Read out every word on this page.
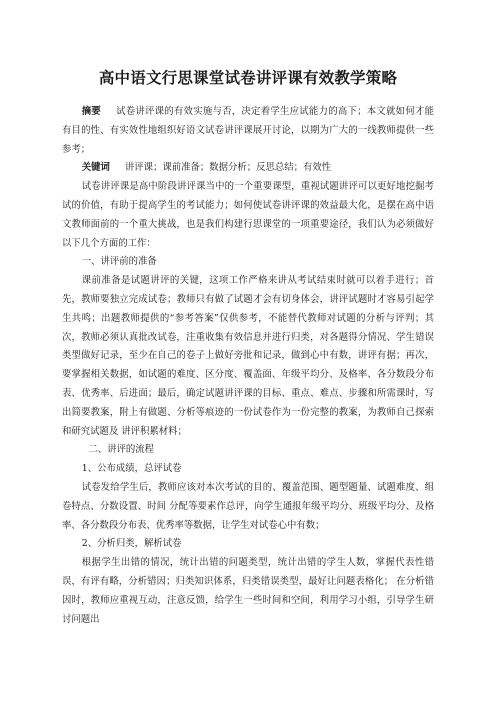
高中语文行思课堂试卷讲评课有效教学策略

摘要 试卷讲评课的有效实施与否，决定着学生应试能力的高下；本文就如何才能有目的性、有实效性地组织好语文试卷讲评课展开讨论，以期为广大的一线教师提供一些参考；

关键词 讲评课；课前准备；数据分析；反思总结；有效性

试卷讲评课是高中阶段讲评课当中的一个重要课型，重视试题讲评可以更好地挖掘考试的价值，有助于提高学生的考试能力；如何使试卷讲评课的效益最大化，是摆在高中语文教师面前的一个重大挑战，也是我们构建行思课堂的一项重要途径，我们认为必须做好以下几个方面的工作：

一、讲评前的准备

课前准备是试题讲评的关键，这项工作严格来讲从考试结束时就可以着手进行；首先，教师要独立完成试卷；教师只有做了试题才会有切身体会，讲评试题时才容易引起学生共鸣；出题教师提供的“参考答案”仅供参考，不能替代教师对试题的分析与评判；其次，教师必须认真批改试卷，注重收集有效信息并进行归类，对各题得分情况、学生错误类型做好记录，至少在自己的卷子上做好旁批和记录，做到心中有数，讲评有据；再次，要掌握相关数据，如试题的难度、区分度、覆盖面、年级平均分、及格率、各分数段分布表、优秀率、后进面；最后，确定试题讲评课的目标、重点、难点、步骤和所需课时，写出简要教案，附上有做题、分析等痕迹的一份试卷作为一份完整的教案，为教师自己探索和研究试题及 讲评积累材料；

二、讲评的流程

1、公布成绩，总评试卷

试卷发给学生后，教师应该对本次考试的目的、覆盖范围、题型题量、试题难度、组卷特点、分数设置、时间 分配等要素作总评，向学生通报年级平均分、班级平均分、及格率、各分数段分布表、优秀率等数据，让学生对试卷心中有数；

2、分析归类，解析试卷

根据学生出错的情况，统计出错的问题类型，统计出错的学生人数，掌握代表性错误，有评有略，分析错因；归类知识体系，归类错误类型，最好让问题表格化； 在分析错因时，教师应重视互动，注意反馈，给学生一些时间和空间，利用学习小组，引导学生研讨问题出
